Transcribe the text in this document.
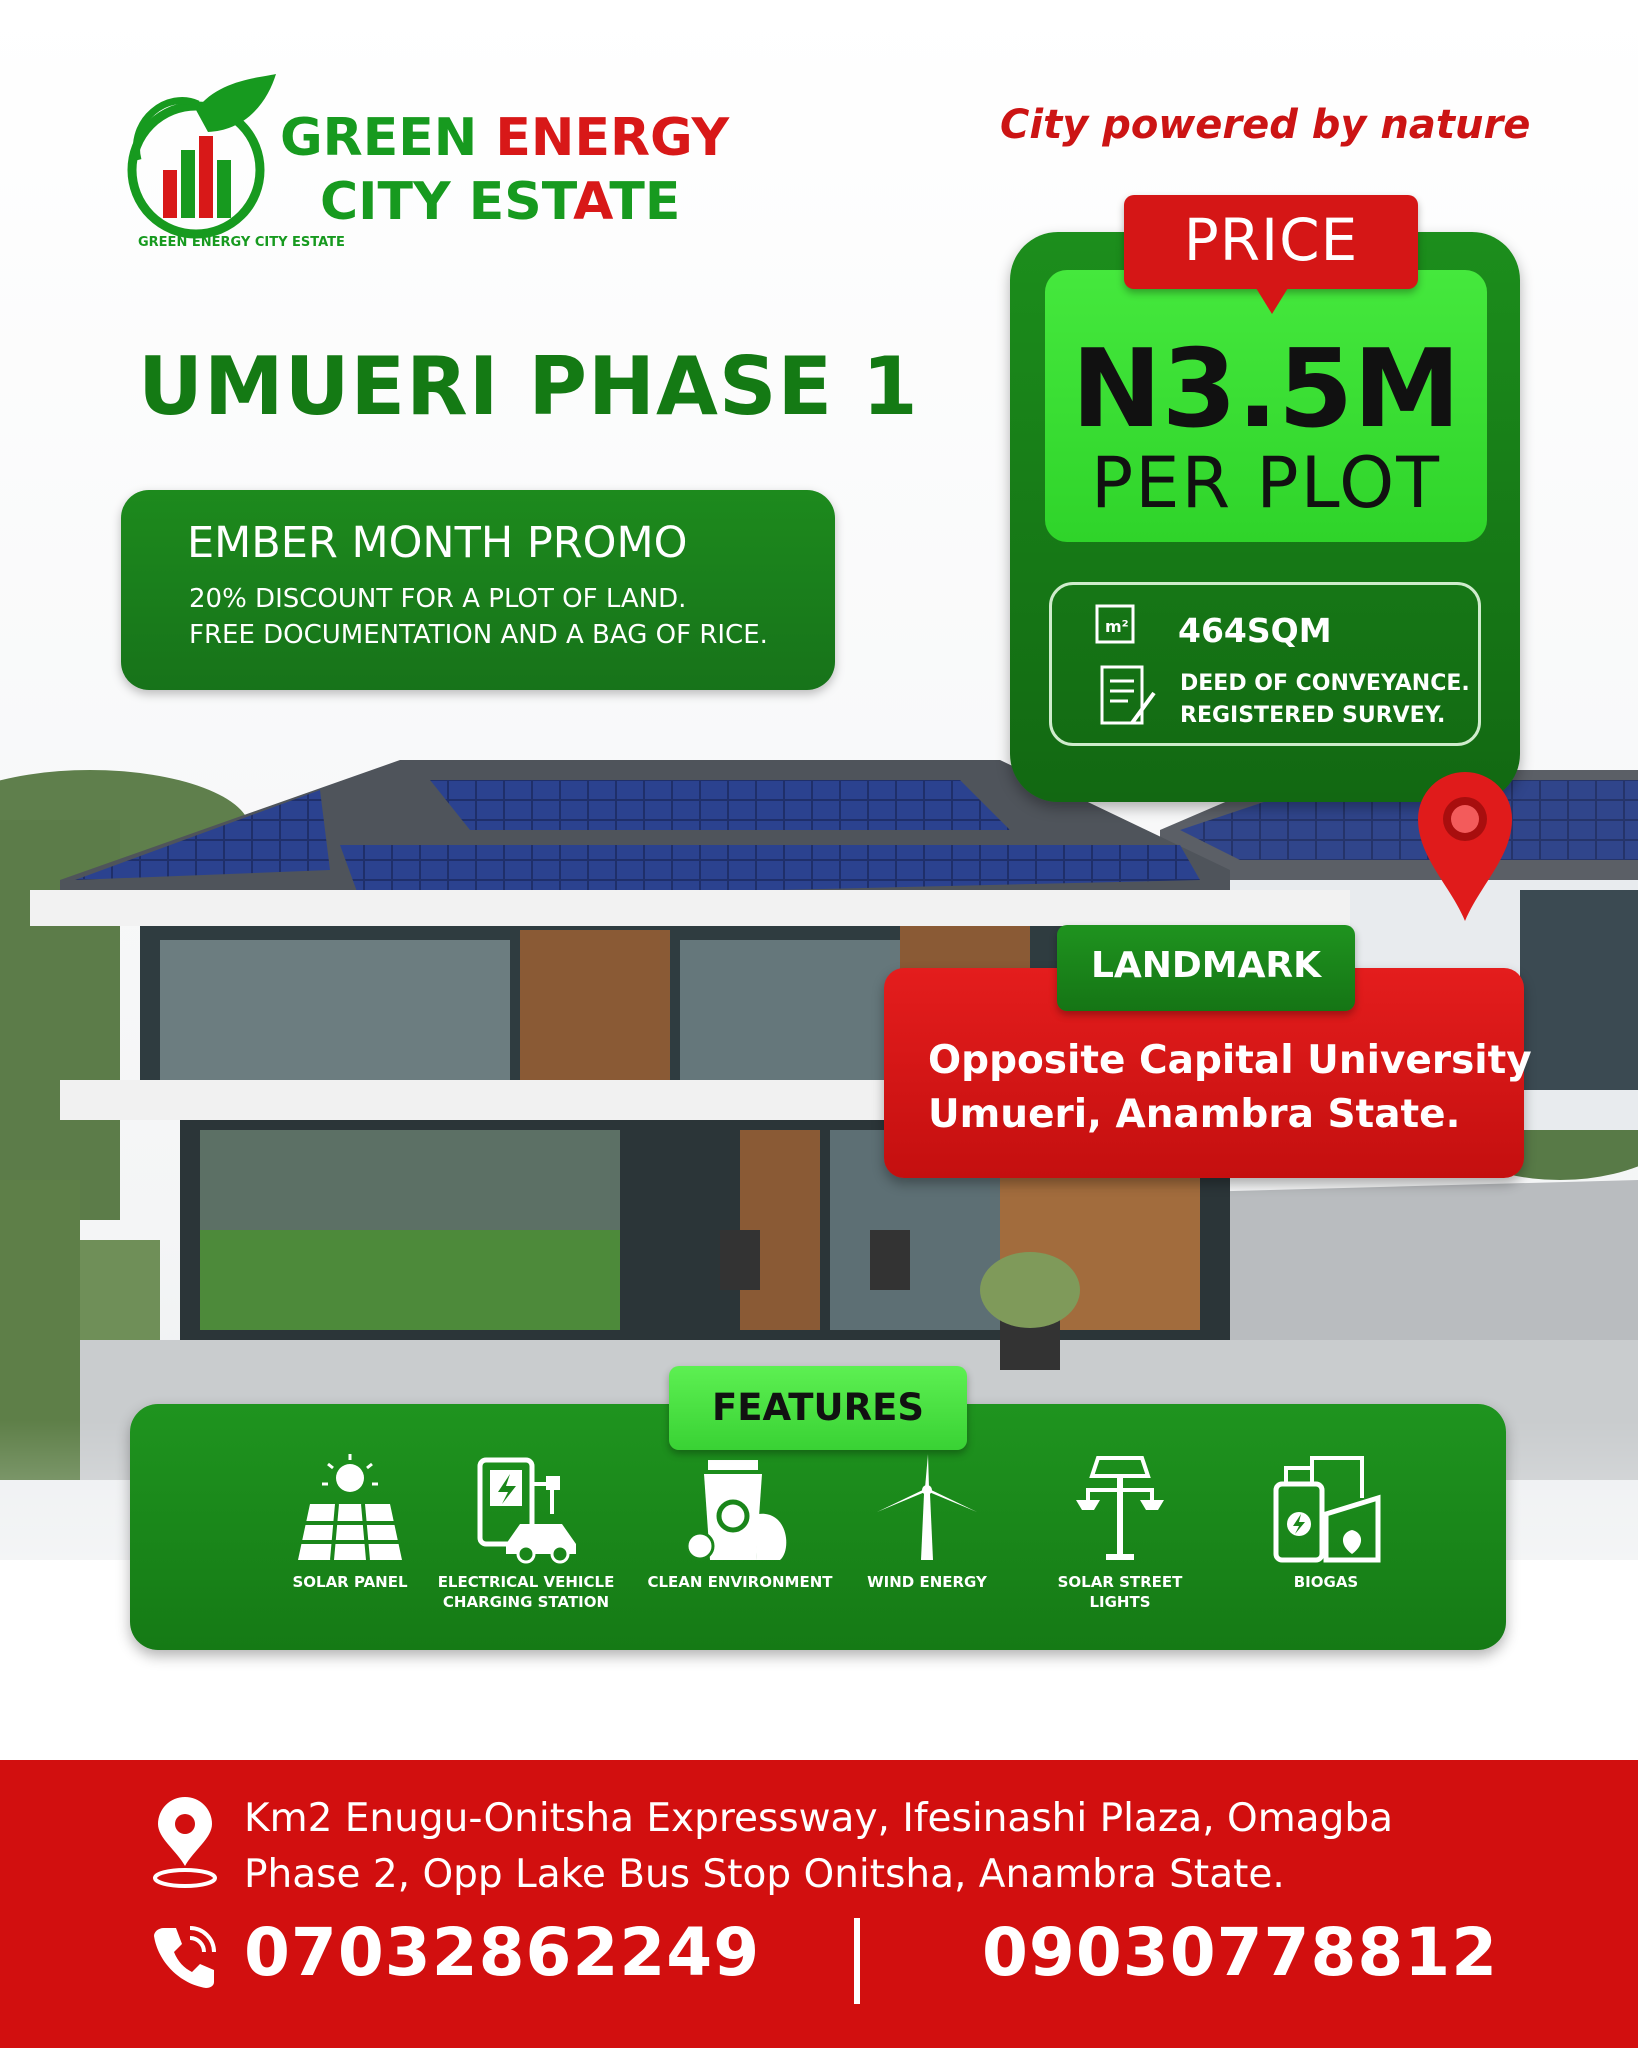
GREEN ENERGY CITY ESTATE
GREEN ENERGY
CITY ESTATE
City powered by nature
UMUERI PHASE 1
EMBER MONTH PROMO
20% DISCOUNT FOR A PLOT OF LAND.
FREE DOCUMENTATION AND A BAG OF RICE.
N3.5M
PER PLOT
m² 464SQM
DEED OF CONVEYANCE.
REGISTERED SURVEY.
PRICE
Opposite Capital University
Umueri, Anambra State.
LANDMARK
SOLAR PANEL	ELECTRICAL VEHICLE
CHARGING STATION
CLEAN ENVIRONMENT	WIND ENERGY	SOLAR STREET
LIGHTS
BIOGAS

FEATURES
Km2 Enugu-Onitsha Expressway, Ifesinashi Plaza, Omagba
Phase 2, Opp Lake Bus Stop Onitsha, Anambra State.
07032862249	09030778812
